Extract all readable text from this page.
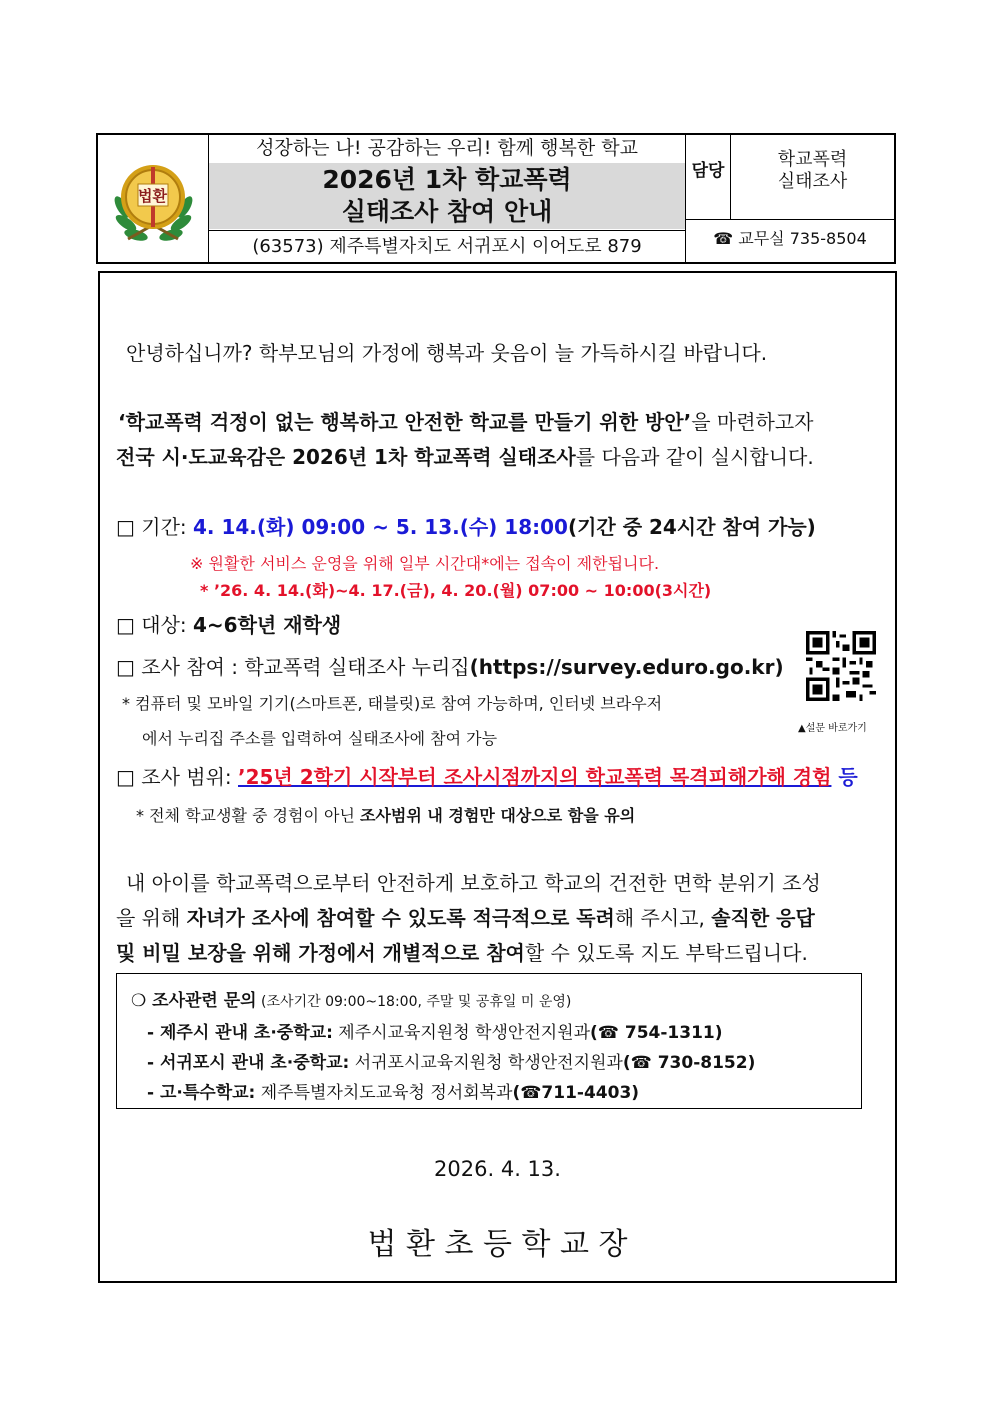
법환
성장하는 나! 공감하는 우리! 함께 행복한 학교
2026년 1차 학교폭력
실태조사 참여 안내
(63573) 제주특별자치도 서귀포시 이어도로 879
담당
학교폭력
실태조사
☎ 교무실 735-8504
안녕하십니까? 학부모님의 가정에 행복과 웃음이 늘 가득하시길 바랍니다.
‘학교폭력 걱정이 없는 행복하고 안전한 학교를 만들기 위한 방안’을 마련하고자
전국 시·도교육감은 2026년 1차 학교폭력 실태조사를 다음과 같이 실시합니다.
□ 기간: 4. 14.(화) 09:00 ~ 5. 13.(수) 18:00(기간 중 24시간 참여 가능)
※ 원활한 서비스 운영을 위해 일부 시간대*에는 접속이 제한됩니다.
* ’26. 4. 14.(화)~4. 17.(금), 4. 20.(월) 07:00 ~ 10:00(3시간)
□ 대상: 4~6학년 재학생
□ 조사 참여 : 학교폭력 실태조사 누리집(https://survey.eduro.go.kr)
* 컴퓨터 및 모바일 기기(스마트폰, 태블릿)로 참여 가능하며, 인터넷 브라우저
에서 누리집 주소를 입력하여 실태조사에 참여 가능
▲설문 바로가기
□ 조사 범위: ’25년 2학기 시작부터 조사시점까지의 학교폭력 목격피해가해 경험 등
* 전체 학교생활 중 경험이 아닌 조사범위 내 경험만 대상으로 함을 유의
내 아이를 학교폭력으로부터 안전하게 보호하고 학교의 건전한 면학 분위기 조성
을 위해 자녀가 조사에 참여할 수 있도록 적극적으로 독려해 주시고, 솔직한 응답
및 비밀 보장을 위해 가정에서 개별적으로 참여할 수 있도록 지도 부탁드립니다.
❍ 조사관련 문의 (조사기간 09:00~18:00, 주말 및 공휴일 미 운영)
- 제주시 관내 초·중학교: 제주시교육지원청 학생안전지원과(☎ 754-1311)
- 서귀포시 관내 초·중학교: 서귀포시교육지원청 학생안전지원과(☎ 730-8152)
- 고·특수학교: 제주특별자치도교육청 정서회복과(☎711-4403)
2026. 4. 13.
법 환 초 등 학 교 장
